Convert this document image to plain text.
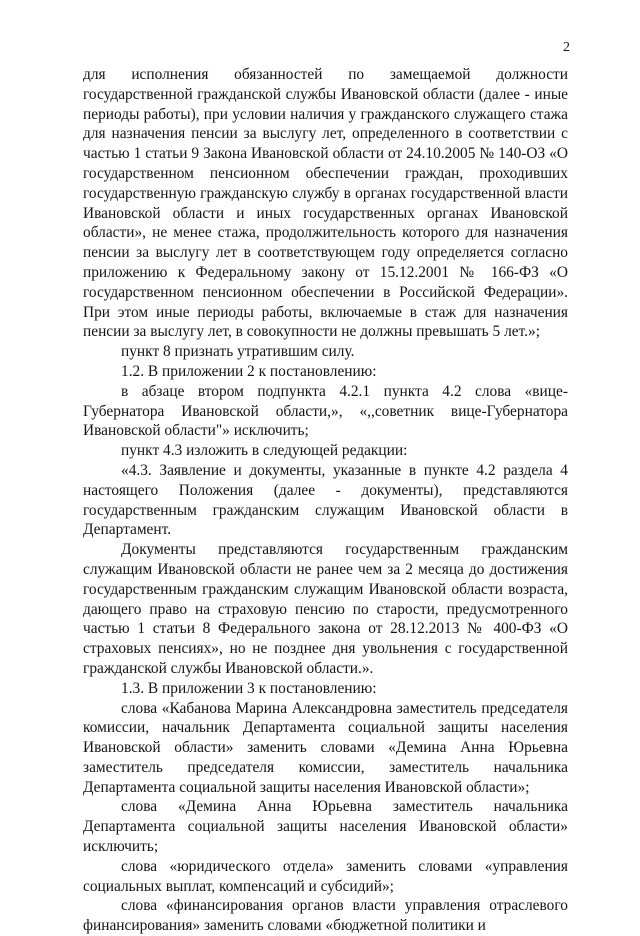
2

для исполнения обязанностей по замещаемой должности государственной гражданской службы Ивановской области (далее - иные периоды работы), при условии наличия у гражданского служащего стажа для назначения пенсии за выслугу лет, определенного в соответствии с частью 1 статьи 9 Закона Ивановской области от 24.10.2005 № 140-ОЗ «О государственном пенсионном обеспечении граждан, проходивших государственную гражданскую службу в органах государственной власти Ивановской области и иных государственных органах Ивановской области», не менее стажа, продолжительность которого для назначения пенсии за выслугу лет в соответствующем году определяется согласно приложению к Федеральному закону от 15.12.2001 № 166-ФЗ «О государственном пенсионном обеспечении в Российской Федерации». При этом иные периоды работы, включаемые в стаж для назначения пенсии за выслугу лет, в совокупности не должны превышать 5 лет.»;

пункт 8 признать утратившим силу.

1.2. В приложении 2 к постановлению:

в абзаце втором подпункта 4.2.1 пункта 4.2 слова «вице-Губернатора Ивановской области,», «,,советник вице-Губернатора Ивановской области"» исключить;

пункт 4.3 изложить в следующей редакции:

«4.3. Заявление и документы, указанные в пункте 4.2 раздела 4 настоящего Положения (далее - документы), представляются государственным гражданским служащим Ивановской области в Департамент.

Документы представляются государственным гражданским служащим Ивановской области не ранее чем за 2 месяца до достижения государственным гражданским служащим Ивановской области возраста, дающего право на страховую пенсию по старости, предусмотренного частью 1 статьи 8 Федерального закона от 28.12.2013 № 400-ФЗ «О страховых пенсиях», но не позднее дня увольнения с государственной гражданской службы Ивановской области.».

1.3. В приложении 3 к постановлению:

слова «Кабанова Марина Александровна заместитель председателя комиссии, начальник Департамента социальной защиты населения Ивановской области» заменить словами «Демина Анна Юрьевна заместитель председателя комиссии, заместитель начальника Департамента социальной защиты населения Ивановской области»;

слова «Демина Анна Юрьевна заместитель начальника Департамента социальной защиты населения Ивановской области» исключить;

слова «юридического отдела» заменить словами «управления социальных выплат, компенсаций и субсидий»;

слова «финансирования органов власти управления отраслевого финансирования» заменить словами «бюджетной политики и
